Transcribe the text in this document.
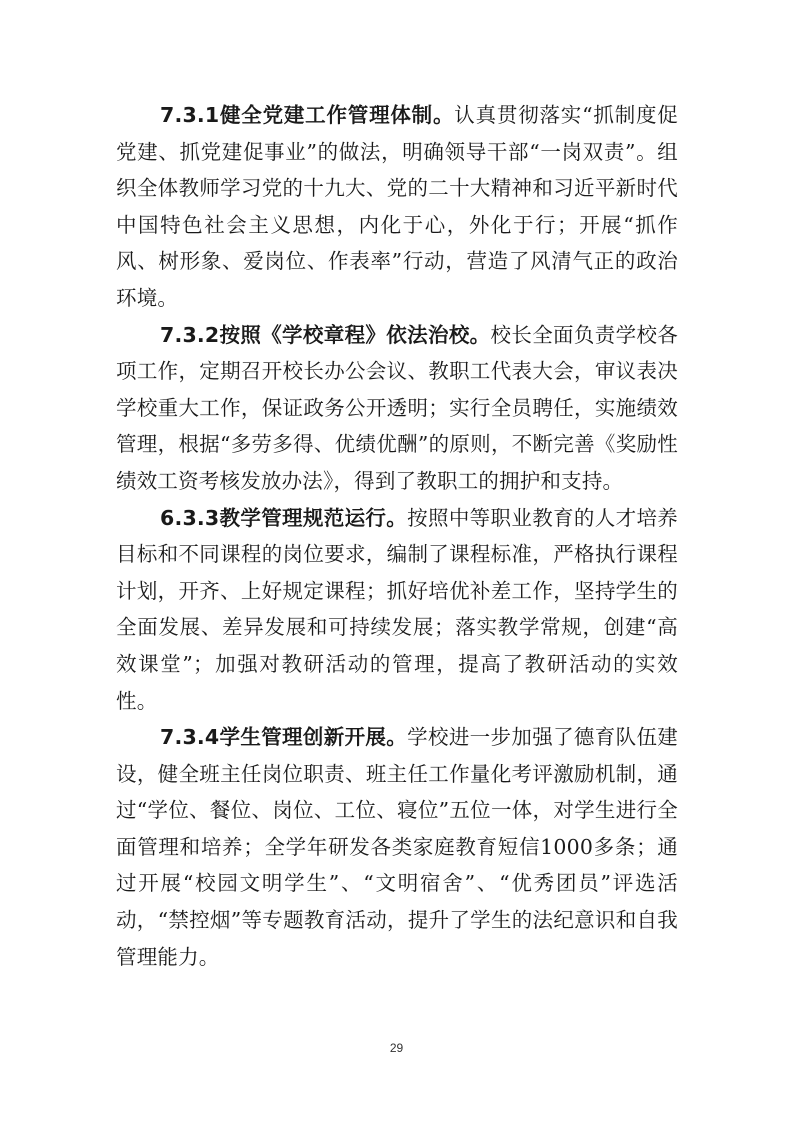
7.3.1健全党建工作管理体制。认真贯彻落实“抓制度促党建、抓党建促事业”的做法，明确领导干部“一岗双责”。组织全体教师学习党的十九大、党的二十大精神和习近平新时代中国特色社会主义思想，内化于心，外化于行；开展“抓作风、树形象、爱岗位、作表率”行动，营造了风清气正的政治环境。

7.3.2按照《学校章程》依法治校。校长全面负责学校各项工作，定期召开校长办公会议、教职工代表大会，审议表决学校重大工作，保证政务公开透明；实行全员聘任，实施绩效管理，根据“多劳多得、优绩优酬”的原则，不断完善《奖励性绩效工资考核发放办法》，得到了教职工的拥护和支持。

6.3.3教学管理规范运行。按照中等职业教育的人才培养目标和不同课程的岗位要求，编制了课程标准，严格执行课程计划，开齐、上好规定课程；抓好培优补差工作，坚持学生的全面发展、差异发展和可持续发展；落实教学常规，创建“高效课堂”；加强对教研活动的管理，提高了教研活动的实效性。

7.3.4学生管理创新开展。学校进一步加强了德育队伍建设，健全班主任岗位职责、班主任工作量化考评激励机制，通过“学位、餐位、岗位、工位、寝位”五位一体，对学生进行全面管理和培养；全学年研发各类家庭教育短信1000多条；通过开展“校园文明学生”、“文明宿舍”、“优秀团员”评选活动，“禁控烟”等专题教育活动，提升了学生的法纪意识和自我管理能力。

29
